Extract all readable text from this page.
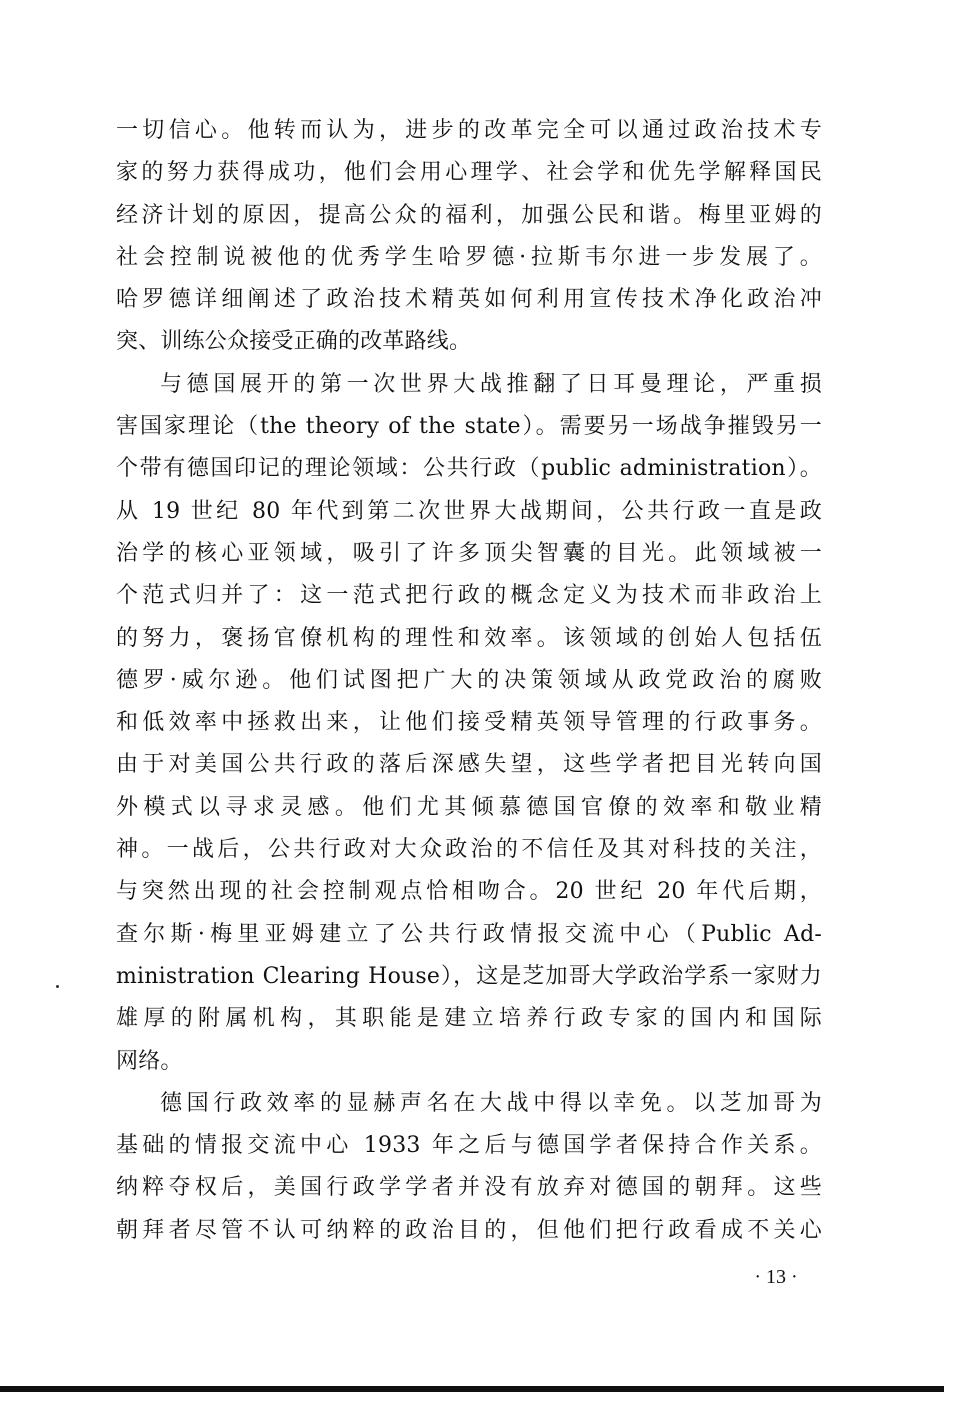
一切信心。他转而认为，进步的改革完全可以通过政治技术专
家的努力获得成功，他们会用心理学、社会学和优先学解释国民
经济计划的原因，提高公众的福利，加强公民和谐。梅里亚姆的
社会控制说被他的优秀学生哈罗德·拉斯韦尔进一步发展了。
哈罗德详细阐述了政治技术精英如何利用宣传技术净化政治冲
突、训练公众接受正确的改革路线。
与德国展开的第一次世界大战推翻了日耳曼理论，严重损
害国家理论（the theory of the state）。需要另一场战争摧毁另一
个带有德国印记的理论领域：公共行政（public administration）。
从 19 世纪 80 年代到第二次世界大战期间，公共行政一直是政
治学的核心亚领域，吸引了许多顶尖智囊的目光。此领域被一
个范式归并了：这一范式把行政的概念定义为技术而非政治上
的努力，褒扬官僚机构的理性和效率。该领域的创始人包括伍
德罗·威尔逊。他们试图把广大的决策领域从政党政治的腐败
和低效率中拯救出来，让他们接受精英领导管理的行政事务。
由于对美国公共行政的落后深感失望，这些学者把目光转向国
外模式以寻求灵感。他们尤其倾慕德国官僚的效率和敬业精
神。一战后，公共行政对大众政治的不信任及其对科技的关注，
与突然出现的社会控制观点恰相吻合。20 世纪 20 年代后期，
查尔斯·梅里亚姆建立了公共行政情报交流中心（Public Ad-
ministration Clearing House），这是芝加哥大学政治学系一家财力
雄厚的附属机构，其职能是建立培养行政专家的国内和国际
网络。
德国行政效率的显赫声名在大战中得以幸免。以芝加哥为
基础的情报交流中心 1933 年之后与德国学者保持合作关系。
纳粹夺权后，美国行政学学者并没有放弃对德国的朝拜。这些
朝拜者尽管不认可纳粹的政治目的，但他们把行政看成不关心
· 13 ·
